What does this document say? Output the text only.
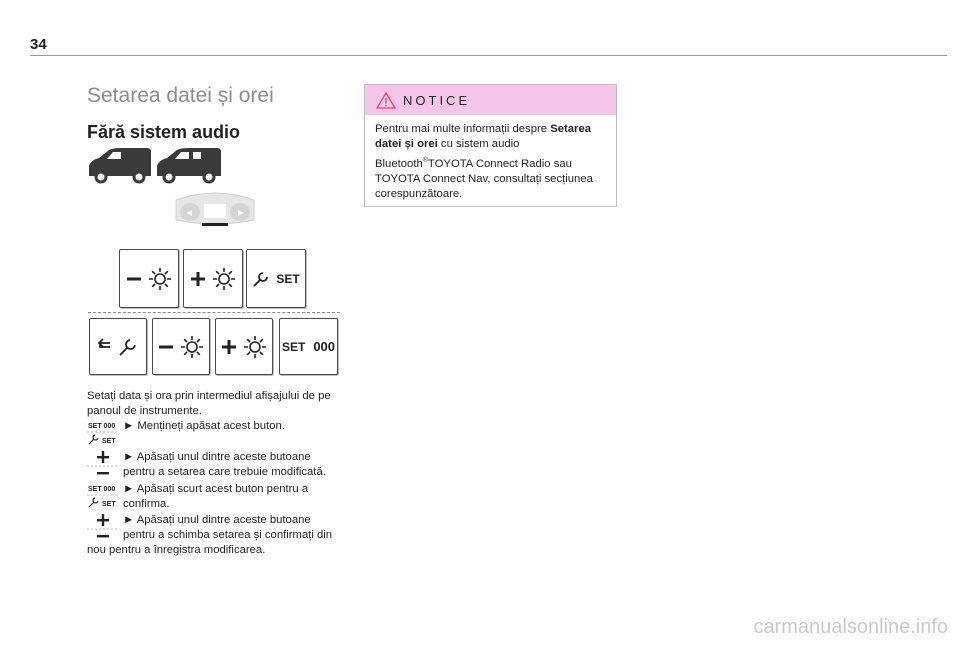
34
Setarea datei și orei
Fără sistem audio
SET
SET 000
Setați data și ora prin intermediul afișajului de pe panoul de instrumente.
SET 000
SET
► Mențineți apăsat acest buton.
► Apăsați unul dintre aceste butoane
pentru a setarea care trebuie modificată.
SET 000
SET
► Apăsați scurt acest buton pentru a
confirma.
► Apăsați unul dintre aceste butoane
pentru a schimba setarea și confirmați din
nou pentru a înregistra modificarea.
NOTICE
Pentru mai multe informații despre Setarea datei și orei cu sistem audio Bluetooth®TOYOTA Connect Radio sau TOYOTA Connect Nav, consultați secțiunea corespunzătoare.
carmanualsonline.info
